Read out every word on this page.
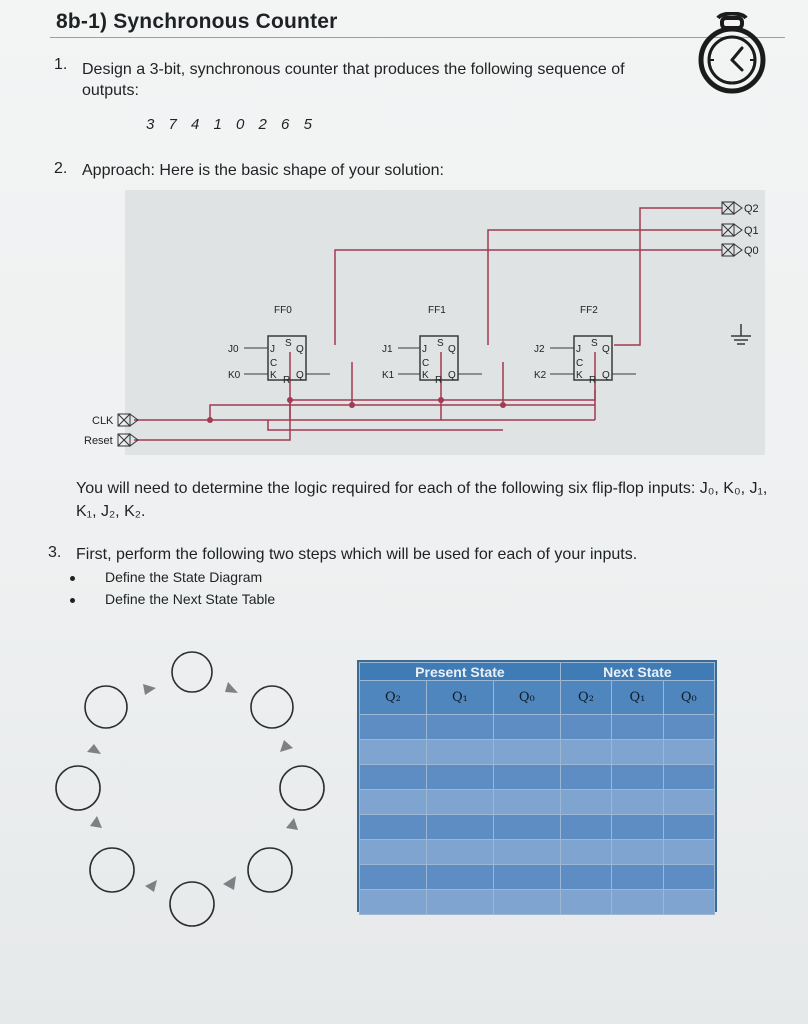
8b-1) Synchronous Counter
1. Design a 3-bit, synchronous counter that produces the following sequence of outputs:
3 7 4 1 0 2 6 5
2. Approach: Here is the basic shape of your solution:
FF0
J
S
Q
C
K R Q
J0
K0
FF1
J
S
Q
C
K R Q
J1
K1
FF2
J
S
Q
C
K R Q
J2
K2
Q2
Q1
Q0
CLK
Reset
You will need to determine the logic required for each of the following six flip-flop inputs: J₀, K₀, J₁, K₁, J₂, K₂.
3. First, perform the following two steps which will be used for each of your inputs.
Define the State Diagram
Define the Next State Table
Present State			Next State		
Q₂	Q₁	Q₀	Q₂	Q₁	Q₀
